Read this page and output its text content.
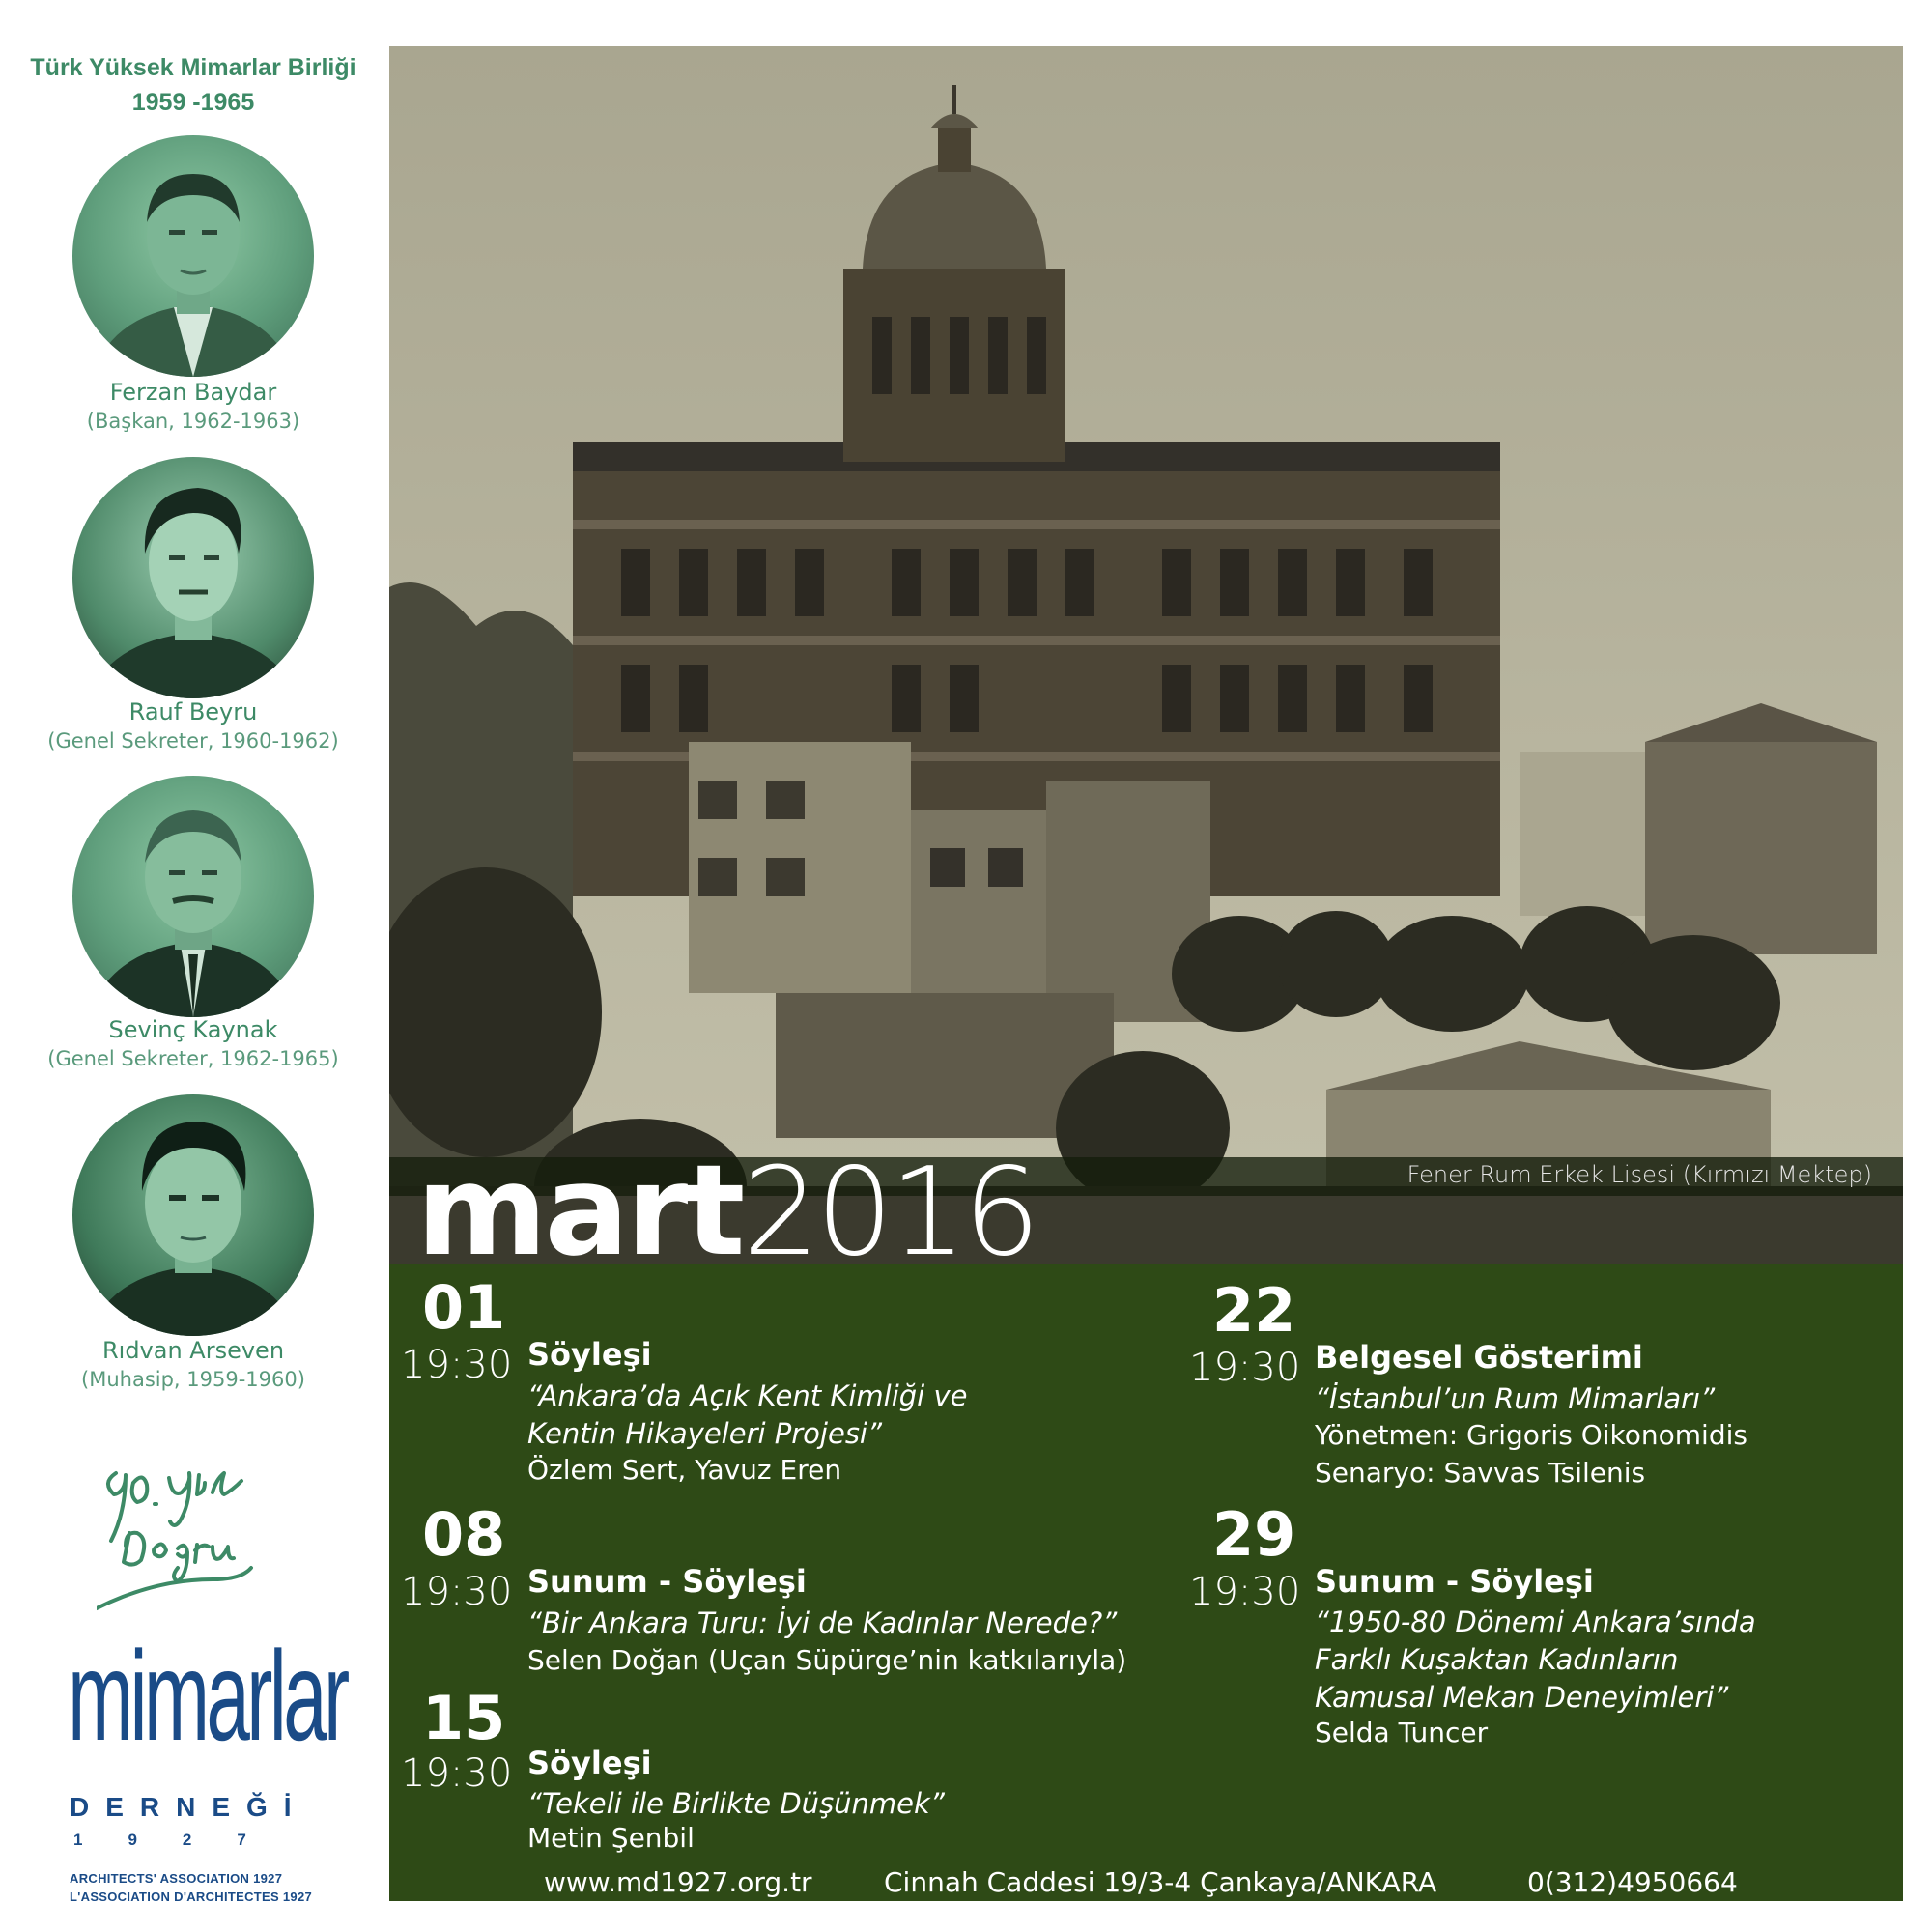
Türk Yüksek Mimarlar Birliği
1959 -1965
Ferzan Baydar
(Başkan, 1962-1963)
Rauf Beyru
(Genel Sekreter, 1960-1962)
Sevinç Kaynak
(Genel Sekreter, 1962-1965)
Rıdvan Arseven
(Muhasip, 1959-1960)
mimarlar
DERNEĞİ
1927
ARCHITECTS' ASSOCIATION 1927
L'ASSOCIATION D'ARCHITECTES 1927
Fener Rum Erkek Lisesi (Kırmızı Mektep)
mart2016
01
19:30 Söyleşi
“Ankara’da Açık Kent Kimliği ve
Kentin Hikayeleri Projesi”
Özlem Sert, Yavuz Eren
08
19:30 Sunum - Söyleşi
“Bir Ankara Turu: İyi de Kadınlar Nerede?”
Selen Doğan (Uçan Süpürge’nin katkılarıyla)
15
19:30 Söyleşi
“Tekeli ile Birlikte Düşünmek”
Metin Şenbil
22
19:30 Belgesel Gösterimi
“İstanbul’un Rum Mimarları”
Yönetmen: Grigoris Oikonomidis
Senaryo: Savvas Tsilenis
29
19:30 Sunum - Söyleşi
“1950-80 Dönemi Ankara’sında
Farklı Kuşaktan Kadınların
Kamusal Mekan Deneyimleri”
Selda Tuncer
www.md1927.org.tr	Cinnah Caddesi 19/3-4 Çankaya/ANKARA	0(312)4950664
